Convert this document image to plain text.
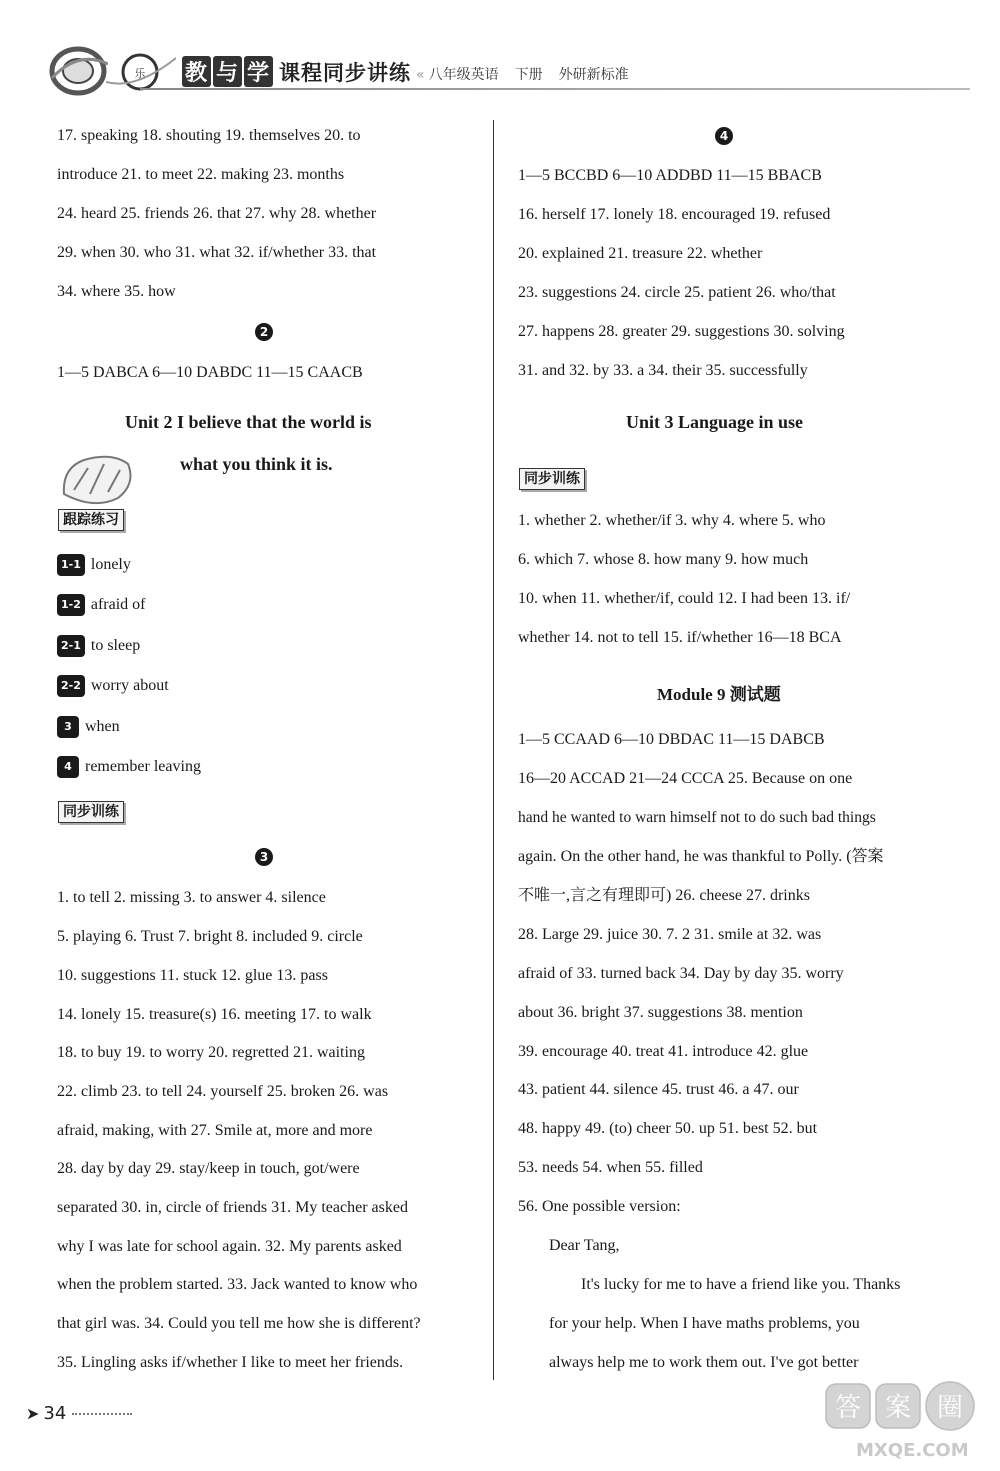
乐 教 与 学 课程同步讲练 « 八年级英语 下册 外研新标准
17. speaking 18. shouting 19. themselves 20. to
introduce 21. to meet 22. making 23. months
24. heard 25. friends 26. that 27. why 28. whether
29. when 30. who 31. what 32. if/whether 33. that
34. where 35. how
2
1—5 DABCA 6—10 DABDC 11—15 CAACB
Unit 2 I believe that the world is
what you think it is.
跟踪练习
1-1 lonely
1-2 afraid of
2-1 to sleep
2-2 worry about
3 when
4 remember leaving
同步训练
3
1. to tell 2. missing 3. to answer 4. silence
5. playing 6. Trust 7. bright 8. included 9. circle
10. suggestions 11. stuck 12. glue 13. pass
14. lonely 15. treasure(s) 16. meeting 17. to walk
18. to buy 19. to worry 20. regretted 21. waiting
22. climb 23. to tell 24. yourself 25. broken 26. was
afraid, making, with 27. Smile at, more and more
28. day by day 29. stay/keep in touch, got/were
separated 30. in, circle of friends 31. My teacher asked
why I was late for school again. 32. My parents asked
when the problem started. 33. Jack wanted to know who
that girl was. 34. Could you tell me how she is different?
35. Lingling asks if/whether I like to meet her friends.
➤ 34
4
1—5 BCCBD 6—10 ADDBD 11—15 BBACB
16. herself 17. lonely 18. encouraged 19. refused
20. explained 21. treasure 22. whether
23. suggestions 24. circle 25. patient 26. who/that
27. happens 28. greater 29. suggestions 30. solving
31. and 32. by 33. a 34. their 35. successfully
Unit 3 Language in use
同步训练
1. whether 2. whether/if 3. why 4. where 5. who
6. which 7. whose 8. how many 9. how much
10. when 11. whether/if, could 12. I had been 13. if/
whether 14. not to tell 15. if/whether 16—18 BCA
Module 9 测试题
1—5 CCAAD 6—10 DBDAC 11—15 DABCB
16—20 ACCAD 21—24 CCCA 25. Because on one
hand he wanted to warn himself not to do such bad things
again. On the other hand, he was thankful to Polly. (答案
不唯一,言之有理即可) 26. cheese 27. drinks
28. Large 29. juice 30. 7. 2 31. smile at 32. was
afraid of 33. turned back 34. Day by day 35. worry
about 36. bright 37. suggestions 38. mention
39. encourage 40. treat 41. introduce 42. glue
43. patient 44. silence 45. trust 46. a 47. our
48. happy 49. (to) cheer 50. up 51. best 52. but
53. needs 54. when 55. filled
56. One possible version:
Dear Tang,
It's lucky for me to have a friend like you. Thanks
for your help. When I have maths problems, you
always help me to work them out. I've got better
答 案 圈
MXQE.COM
